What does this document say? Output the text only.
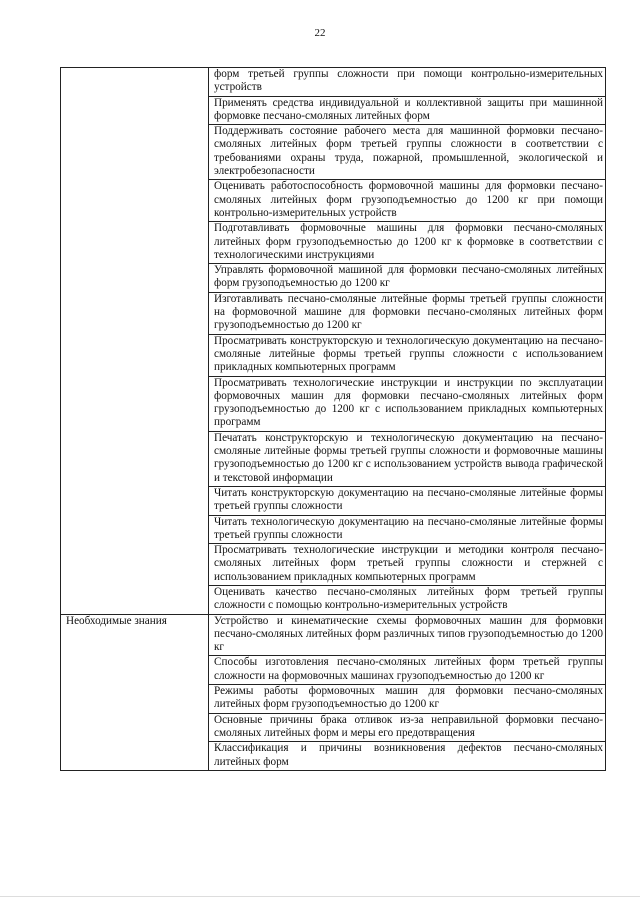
22
	форм третьей группы сложности при помощи контрольно-измерительных устройств
	Применять средства индивидуальной и коллективной защиты при машинной формовке песчано-смоляных литейных форм
	Поддерживать состояние рабочего места для машинной формовки песчано-смоляных литейных форм третьей группы сложности в соответствии с требованиями охраны труда, пожарной, промышленной, экологической и электробезопасности
	Оценивать работоспособность формовочной машины для формовки песчано-смоляных литейных форм грузоподъемностью до 1200 кг при помощи контрольно-измерительных устройств
	Подготавливать формовочные машины для формовки песчано-смоляных литейных форм грузоподъемностью до 1200 кг к формовке в соответствии с технологическими инструкциями
	Управлять формовочной машиной для формовки песчано-смоляных литейных форм грузоподъемностью до 1200 кг
	Изготавливать песчано-смоляные литейные формы третьей группы сложности на формовочной машине для формовки песчано-смоляных литейных форм грузоподъемностью до 1200 кг
	Просматривать конструкторскую и технологическую документацию на песчано-смоляные литейные формы третьей группы сложности с использованием прикладных компьютерных программ
	Просматривать технологические инструкции и инструкции по эксплуатации формовочных машин для формовки песчано-смоляных литейных форм грузоподъемностью до 1200 кг с использованием прикладных компьютерных программ
	Печатать конструкторскую и технологическую документацию на песчано-смоляные литейные формы третьей группы сложности и формовочные машины грузоподъемностью до 1200 кг с использованием устройств вывода графической и текстовой информации
	Читать конструкторскую документацию на песчано-смоляные литейные формы третьей группы сложности
	Читать технологическую документацию на песчано-смоляные литейные формы третьей группы сложности
	Просматривать технологические инструкции и методики контроля песчано-смоляных литейных форм третьей группы сложности и стержней с использованием прикладных компьютерных программ
	Оценивать качество песчано-смоляных литейных форм третьей группы сложности с помощью контрольно-измерительных устройств
Необходимые знания	Устройство и кинематические схемы формовочных машин для формовки песчано-смоляных литейных форм различных типов грузоподъемностью до 1200 кг
	Способы изготовления песчано-смоляных литейных форм третьей группы сложности на формовочных машинах грузоподъемностью до 1200 кг
	Режимы работы формовочных машин для формовки песчано-смоляных литейных форм грузоподъемностью до 1200 кг
	Основные причины брака отливок из-за неправильной формовки песчано-смоляных литейных форм и меры его предотвращения
	Классификация и причины возникновения дефектов песчано-смоляных литейных форм
